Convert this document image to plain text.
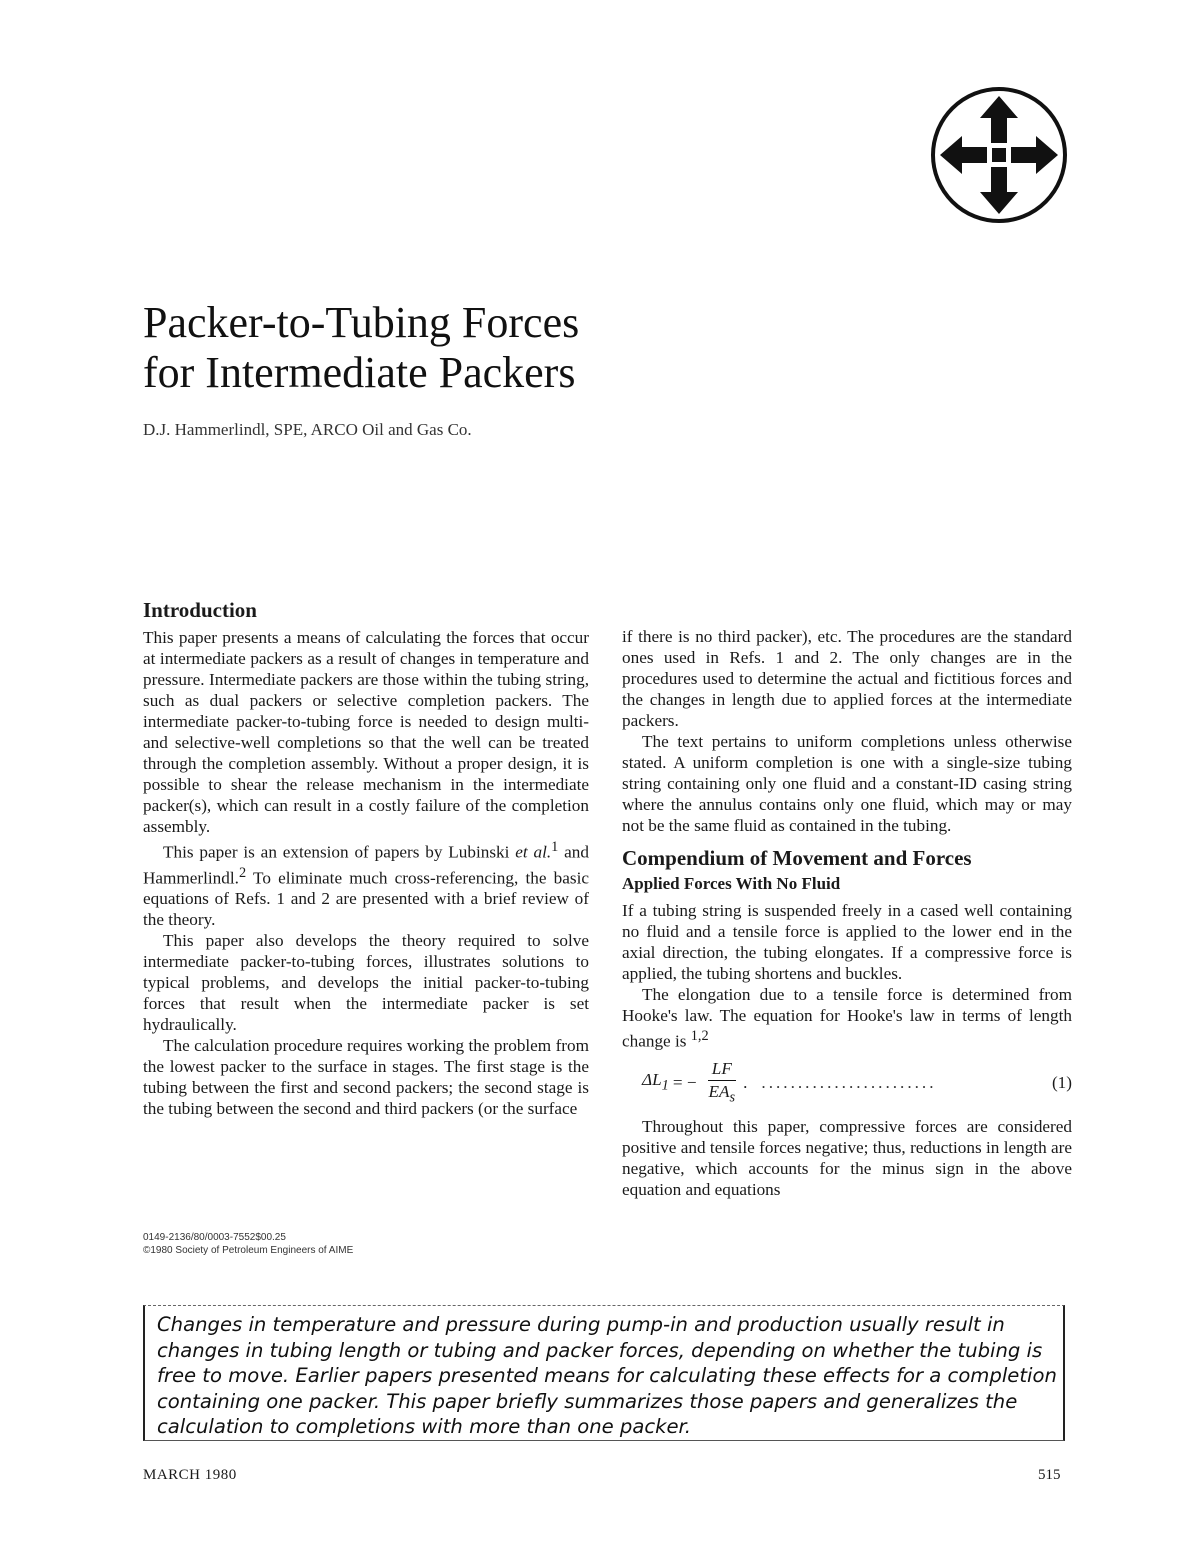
Packer-to-Tubing Forces
for Intermediate Packers
D.J. Hammerlindl, SPE, ARCO Oil and Gas Co.
Introduction

This paper presents a means of calculating the forces that occur at intermediate packers as a result of changes in temperature and pressure. Intermediate packers are those within the tubing string, such as dual packers or selective completion packers. The intermediate packer-to-tubing force is needed to design multi- and selective-well completions so that the well can be treated through the completion assembly. Without a proper design, it is possible to shear the release mechanism in the intermediate packer(s), which can result in a costly failure of the completion assembly.

This paper is an extension of papers by Lubinski et al.$^1$ and Hammerlindl.$^2$ To eliminate much cross-referencing, the basic equations of Refs. 1 and 2 are presented with a brief review of the theory.

This paper also develops the theory required to solve intermediate packer-to-tubing forces, illustrates solutions to typical problems, and develops the initial packer-to-tubing forces that result when the intermediate packer is set hydraulically.

The calculation procedure requires working the problem from the lowest packer to the surface in stages. The first stage is the tubing between the first and second packers; the second stage is the tubing between the second and third packers (or the surface

if there is no third packer), etc. The procedures are the standard ones used in Refs. 1 and 2. The only changes are in the procedures used to determine the actual and fictitious forces and the changes in length due to applied forces at the intermediate packers.

The text pertains to uniform completions unless otherwise stated. A uniform completion is one with a single-size tubing string containing only one fluid and a constant-ID casing string where the annulus contains only one fluid, which may or may not be the same fluid as contained in the tubing.

Compendium of Movement and Forces
Applied Forces With No Fluid

If a tubing string is suspended freely in a cased well containing no fluid and a tensile force is applied to the lower end in the axial direction, the tubing elongates. If a compressive force is applied, the tubing shortens and buckles.

The elongation due to a tensile force is determined from Hooke's law. The equation for Hooke's law in terms of length change is $^{1,2}$

$\Delta L_1$ = − $\frac{LF}{EA_s}$ . ........................	(1)

Throughout this paper, compressive forces are considered positive and tensile forces negative; thus, reductions in length are negative, which accounts for the minus sign in the above equation and equations

0149-2136/80/0003-7552$00.25
©1980 Society of Petroleum Engineers of AIME

Changes in temperature and pressure during pump-in and production usually result in changes in tubing length or tubing and packer forces, depending on whether the tubing is free to move. Earlier papers presented means for calculating these effects for a completion containing one packer. This paper briefly summarizes those papers and generalizes the calculation to completions with more than one packer.

MARCH 1980	515
